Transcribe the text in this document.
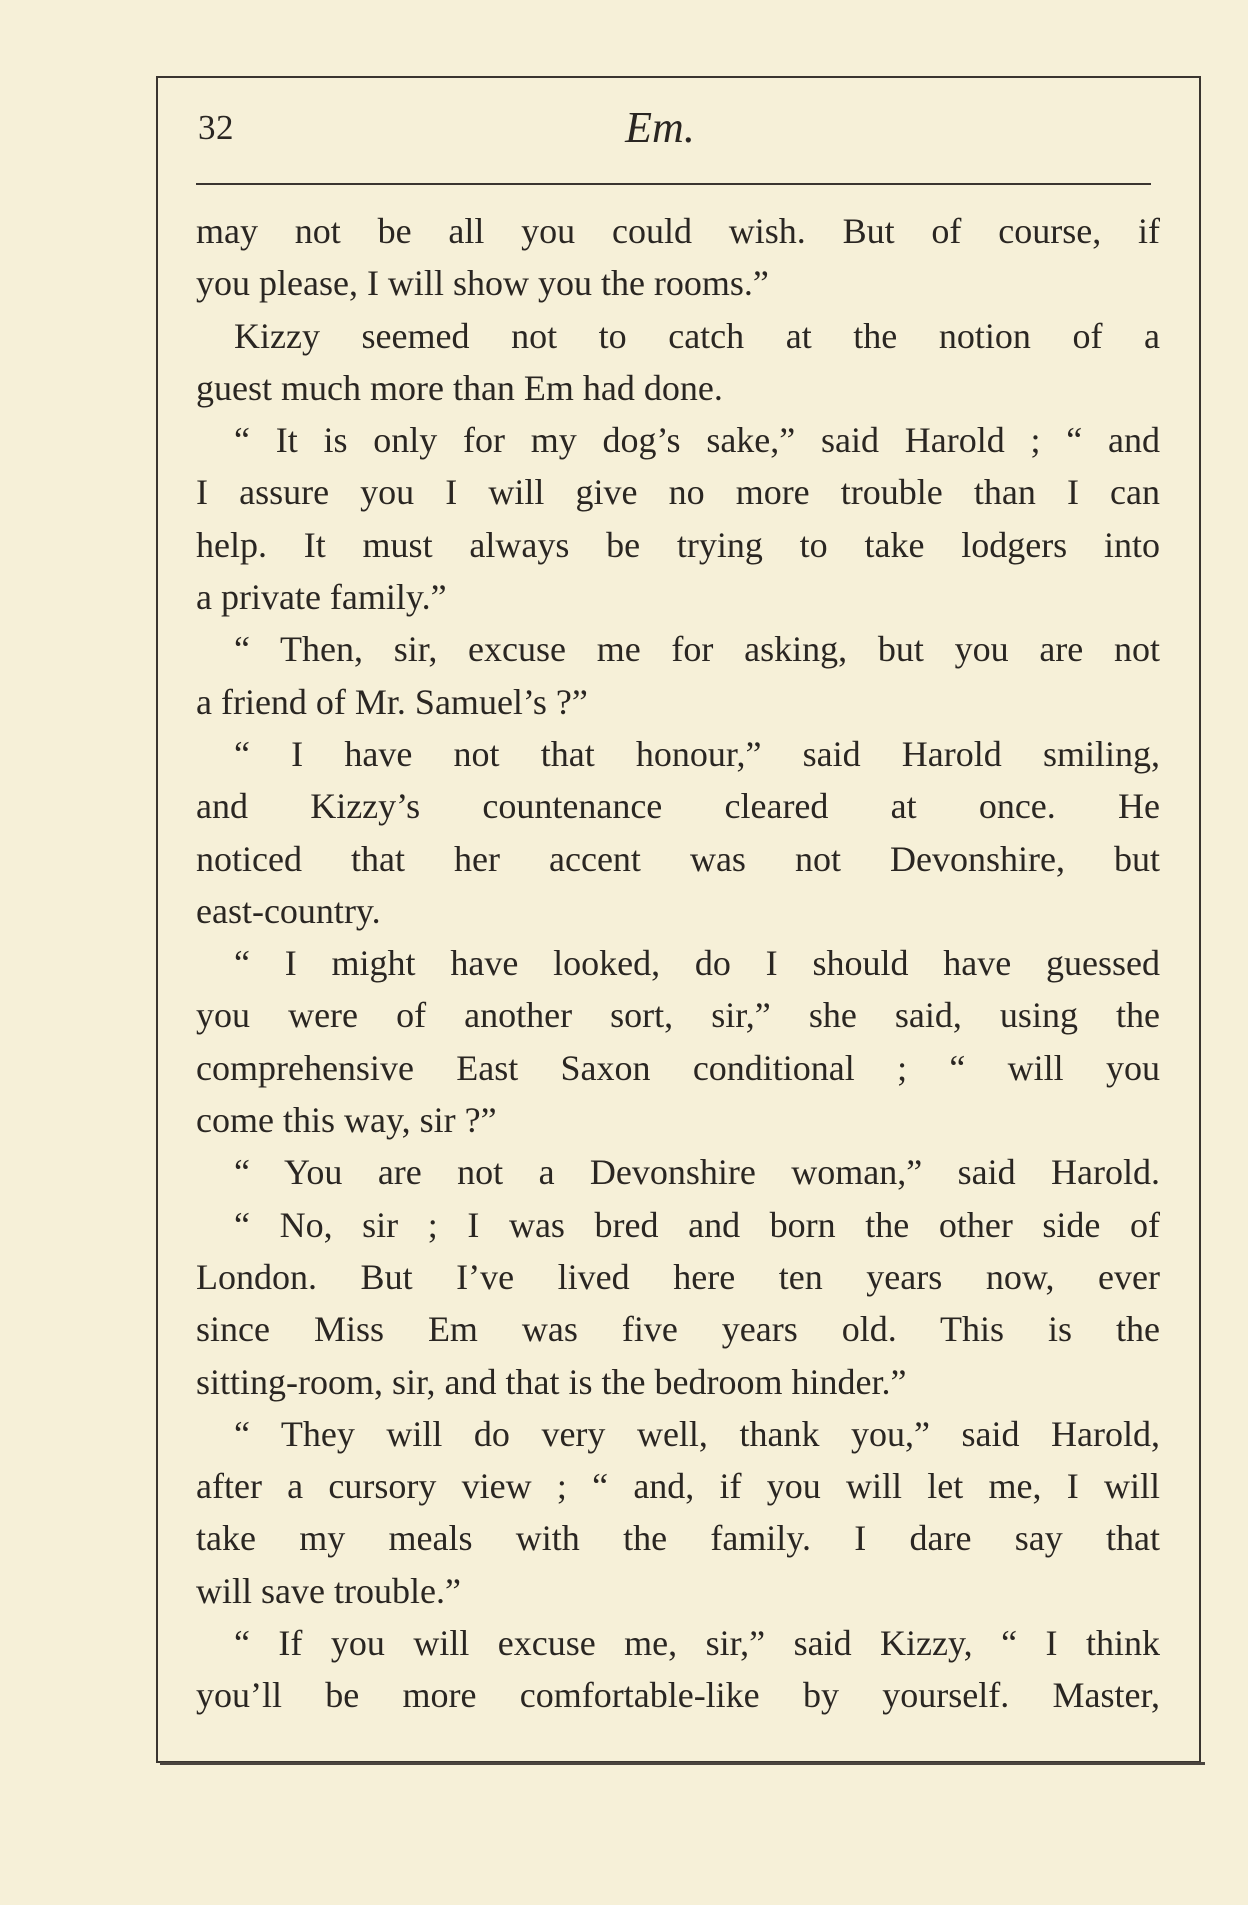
32	Em.
may not be all you could wish. But of course, if
you please, I will show you the rooms.”
Kizzy seemed not to catch at the notion of a
guest much more than Em had done.
“ It is only for my dog’s sake,” said Harold ; “ and
I assure you I will give no more trouble than I can
help. It must always be trying to take lodgers into
a private family.”
“ Then, sir, excuse me for asking, but you are not
a friend of Mr. Samuel’s ?”
“ I have not that honour,” said Harold smiling,
and Kizzy’s countenance cleared at once. He
noticed that her accent was not Devonshire, but
east-country.
“ I might have looked, do I should have guessed
you were of another sort, sir,” she said, using the
comprehensive East Saxon conditional ; “ will you
come this way, sir ?”
“ You are not a Devonshire woman,” said Harold.
“ No, sir ; I was bred and born the other side of
London. But I’ve lived here ten years now, ever
since Miss Em was five years old. This is the
sitting-room, sir, and that is the bedroom hinder.”
“ They will do very well, thank you,” said Harold,
after a cursory view ; “ and, if you will let me, I will
take my meals with the family. I dare say that
will save trouble.”
“ If you will excuse me, sir,” said Kizzy, “ I think
you’ll be more comfortable-like by yourself. Master,
